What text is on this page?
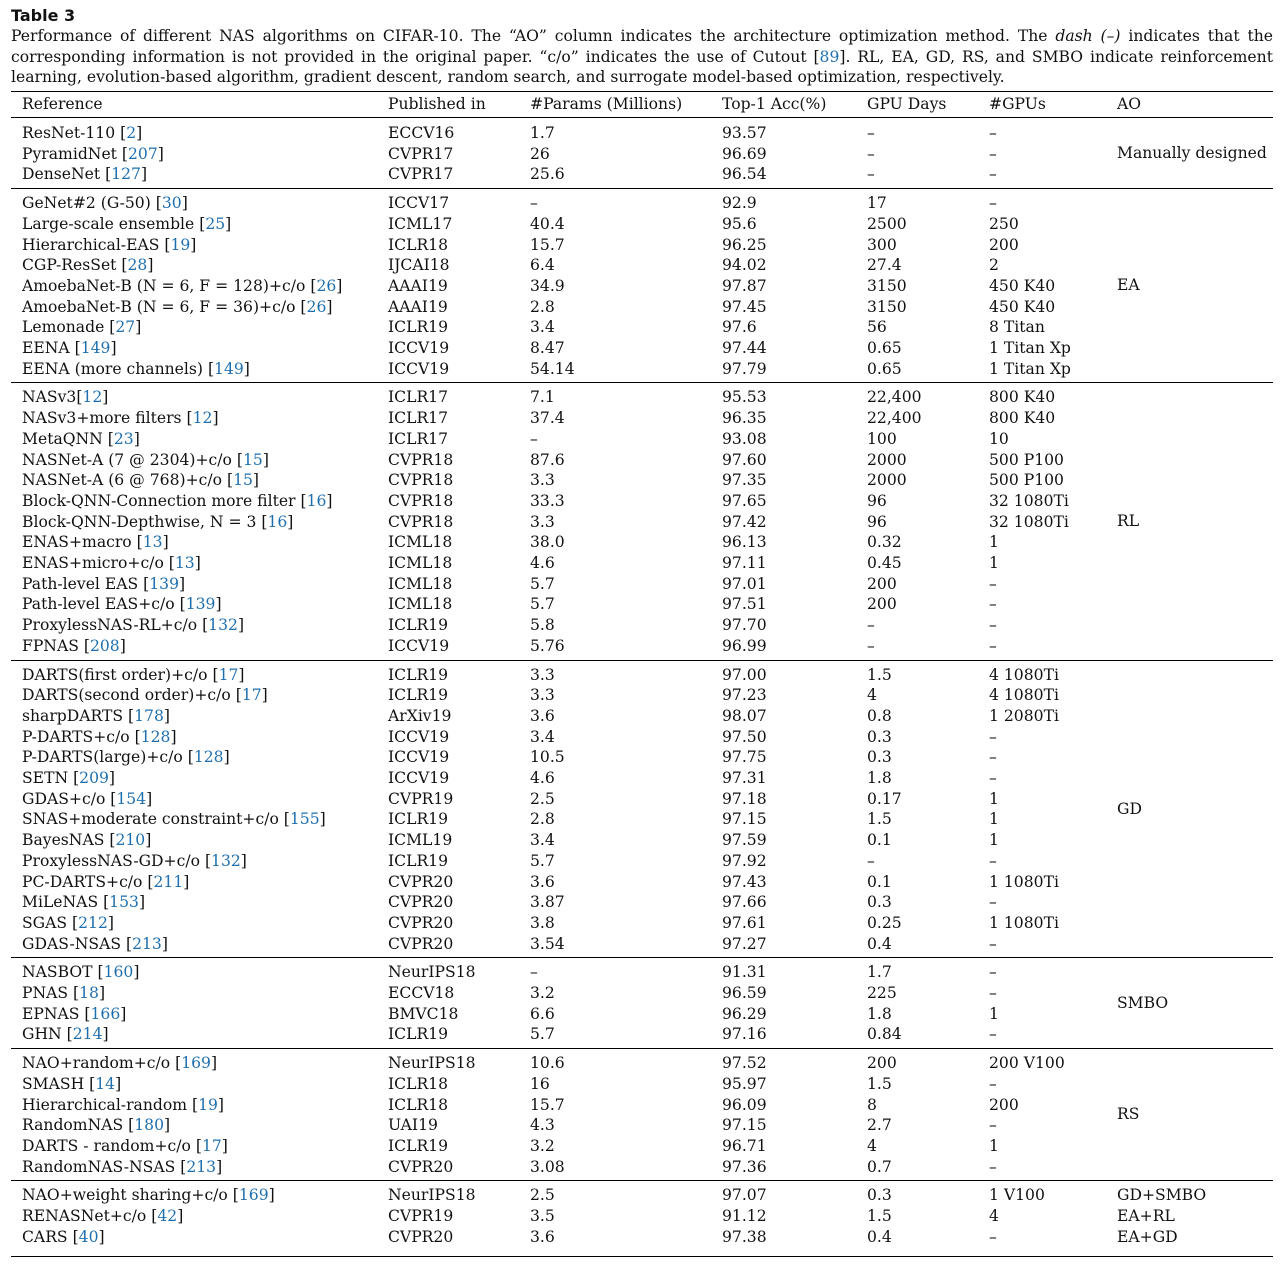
Table 3
Performance of different NAS algorithms on CIFAR-10. The “AO” column indicates the architecture optimization method. The dash (–) indicates that the corresponding information is not provided in the original paper. “c/o” indicates the use of Cutout [89]. RL, EA, GD, RS, and SMBO indicate reinforcement learning, evolution-based algorithm, gradient descent, random search, and surrogate model-based optimization, respectively.
Reference	Published in	#Params (Millions)	Top-1 Acc(%)	GPU Days	#GPUs	AO
ResNet-110 [2]	ECCV16	1.7	93.57	–	–
PyramidNet [207]	CVPR17	26	96.69	–	–
DenseNet [127]	CVPR17	25.6	96.54	–	–
Manually designed
GeNet#2 (G-50) [30]	ICCV17	–	92.9	17	–
Large-scale ensemble [25]	ICML17	40.4	95.6	2500	250
Hierarchical-EAS [19]	ICLR18	15.7	96.25	300	200
CGP-ResSet [28]	IJCAI18	6.4	94.02	27.4	2
AmoebaNet-B (N = 6, F = 128)+c/o [26]	AAAI19	34.9	97.87	3150	450 K40
AmoebaNet-B (N = 6, F = 36)+c/o [26]	AAAI19	2.8	97.45	3150	450 K40
Lemonade [27]	ICLR19	3.4	97.6	56	8 Titan
EENA [149]	ICCV19	8.47	97.44	0.65	1 Titan Xp
EENA (more channels) [149]	ICCV19	54.14	97.79	0.65	1 Titan Xp
EA
NASv3[12]	ICLR17	7.1	95.53	22,400	800 K40
NASv3+more filters [12]	ICLR17	37.4	96.35	22,400	800 K40
MetaQNN [23]	ICLR17	–	93.08	100	10
NASNet-A (7 @ 2304)+c/o [15]	CVPR18	87.6	97.60	2000	500 P100
NASNet-A (6 @ 768)+c/o [15]	CVPR18	3.3	97.35	2000	500 P100
Block-QNN-Connection more filter [16]	CVPR18	33.3	97.65	96	32 1080Ti
Block-QNN-Depthwise, N = 3 [16]	CVPR18	3.3	97.42	96	32 1080Ti
ENAS+macro [13]	ICML18	38.0	96.13	0.32	1
ENAS+micro+c/o [13]	ICML18	4.6	97.11	0.45	1
Path-level EAS [139]	ICML18	5.7	97.01	200	–
Path-level EAS+c/o [139]	ICML18	5.7	97.51	200	–
ProxylessNAS-RL+c/o [132]	ICLR19	5.8	97.70	–	–
FPNAS [208]	ICCV19	5.76	96.99	–	–
RL
DARTS(first order)+c/o [17]	ICLR19	3.3	97.00	1.5	4 1080Ti
DARTS(second order)+c/o [17]	ICLR19	3.3	97.23	4	4 1080Ti
sharpDARTS [178]	ArXiv19	3.6	98.07	0.8	1 2080Ti
P-DARTS+c/o [128]	ICCV19	3.4	97.50	0.3	–
P-DARTS(large)+c/o [128]	ICCV19	10.5	97.75	0.3	–
SETN [209]	ICCV19	4.6	97.31	1.8	–
GDAS+c/o [154]	CVPR19	2.5	97.18	0.17	1
SNAS+moderate constraint+c/o [155]	ICLR19	2.8	97.15	1.5	1
BayesNAS [210]	ICML19	3.4	97.59	0.1	1
ProxylessNAS-GD+c/o [132]	ICLR19	5.7	97.92	–	–
PC-DARTS+c/o [211]	CVPR20	3.6	97.43	0.1	1 1080Ti
MiLeNAS [153]	CVPR20	3.87	97.66	0.3	–
SGAS [212]	CVPR20	3.8	97.61	0.25	1 1080Ti
GDAS-NSAS [213]	CVPR20	3.54	97.27	0.4	–
GD
NASBOT [160]	NeurIPS18	–	91.31	1.7	–
PNAS [18]	ECCV18	3.2	96.59	225	–
EPNAS [166]	BMVC18	6.6	96.29	1.8	1
GHN [214]	ICLR19	5.7	97.16	0.84	–
SMBO
NAO+random+c/o [169]	NeurIPS18	10.6	97.52	200	200 V100
SMASH [14]	ICLR18	16	95.97	1.5	–
Hierarchical-random [19]	ICLR18	15.7	96.09	8	200
RandomNAS [180]	UAI19	4.3	97.15	2.7	–
DARTS - random+c/o [17]	ICLR19	3.2	96.71	4	1
RandomNAS-NSAS [213]	CVPR20	3.08	97.36	0.7	–
RS
NAO+weight sharing+c/o [169]	NeurIPS18	2.5	97.07	0.3	1 V100	GD+SMBO
RENASNet+c/o [42]	CVPR19	3.5	91.12	1.5	4	EA+RL
CARS [40]	CVPR20	3.6	97.38	0.4	–	EA+GD
